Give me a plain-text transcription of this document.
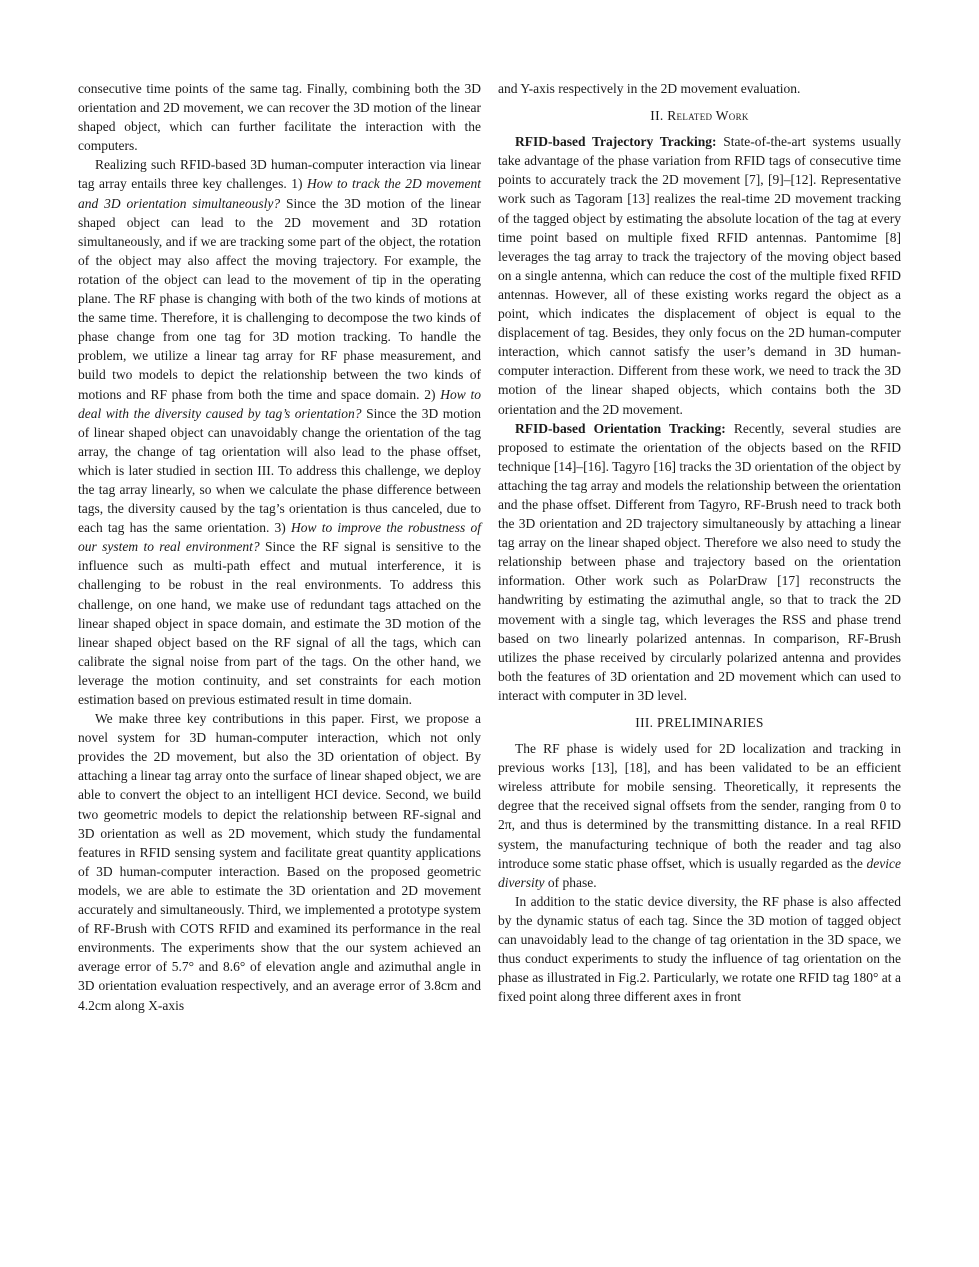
consecutive time points of the same tag. Finally, combining both the 3D orientation and 2D movement, we can recover the 3D motion of the linear shaped object, which can further facilitate the interaction with the computers.

Realizing such RFID-based 3D human-computer interaction via linear tag array entails three key challenges. 1) How to track the 2D movement and 3D orientation simultaneously? Since the 3D motion of the linear shaped object can lead to the 2D movement and 3D rotation simultaneously, and if we are tracking some part of the object, the rotation of the object may also affect the moving trajectory. For example, the rotation of the object can lead to the movement of tip in the operating plane. The RF phase is changing with both of the two kinds of motions at the same time. Therefore, it is challenging to decompose the two kinds of phase change from one tag for 3D motion tracking. To handle the problem, we utilize a linear tag array for RF phase measurement, and build two models to depict the relationship between the two kinds of motions and RF phase from both the time and space domain. 2) How to deal with the diversity caused by tag’s orientation? Since the 3D motion of linear shaped object can unavoidably change the orientation of the tag array, the change of tag orientation will also lead to the phase offset, which is later studied in section III. To address this challenge, we deploy the tag array linearly, so when we calculate the phase difference between tags, the diversity caused by the tag’s orientation is thus canceled, due to each tag has the same orientation. 3) How to improve the robustness of our system to real environment? Since the RF signal is sensitive to the influence such as multi-path effect and mutual interference, it is challenging to be robust in the real environments. To address this challenge, on one hand, we make use of redundant tags attached on the linear shaped object in space domain, and estimate the 3D motion of the linear shaped object based on the RF signal of all the tags, which can calibrate the signal noise from part of the tags. On the other hand, we leverage the motion continuity, and set constraints for each motion estimation based on previous estimated result in time domain.

We make three key contributions in this paper. First, we propose a novel system for 3D human-computer interaction, which not only provides the 2D movement, but also the 3D orientation of object. By attaching a linear tag array onto the surface of linear shaped object, we are able to convert the object to an intelligent HCI device. Second, we build two geometric models to depict the relationship between RF-signal and 3D orientation as well as 2D movement, which study the fundamental features in RFID sensing system and facilitate great quantity applications of 3D human-computer interaction. Based on the proposed geometric models, we are able to estimate the 3D orientation and 2D movement accurately and simultaneously. Third, we implemented a prototype system of RF-Brush with COTS RFID and examined its performance in the real environments. The experiments show that the our system achieved an average error of 5.7° and 8.6° of elevation angle and azimuthal angle in 3D orientation evaluation respectively, and an average error of 3.8cm and 4.2cm along X-axis

and Y-axis respectively in the 2D movement evaluation.

II. Related Work

RFID-based Trajectory Tracking: State-of-the-art systems usually take advantage of the phase variation from RFID tags of consecutive time points to accurately track the 2D movement [7], [9]–[12]. Representative work such as Tagoram [13] realizes the real-time 2D movement tracking of the tagged object by estimating the absolute location of the tag at every time point based on multiple fixed RFID antennas. Pantomime [8] leverages the tag array to track the trajectory of the moving object based on a single antenna, which can reduce the cost of the multiple fixed RFID antennas. However, all of these existing works regard the object as a point, which indicates the displacement of object is equal to the displacement of tag. Besides, they only focus on the 2D human-computer interaction, which cannot satisfy the user’s demand in 3D human-computer interaction. Different from these work, we need to track the 3D motion of the linear shaped objects, which contains both the 3D orientation and the 2D movement.

RFID-based Orientation Tracking: Recently, several studies are proposed to estimate the orientation of the objects based on the RFID technique [14]–[16]. Tagyro [16] tracks the 3D orientation of the object by attaching the tag array and models the relationship between the orientation and the phase offset. Different from Tagyro, RF-Brush need to track both the 3D orientation and 2D trajectory simultaneously by attaching a linear tag array on the linear shaped object. Therefore we also need to study the relationship between phase and trajectory based on the orientation information. Other work such as PolarDraw [17] reconstructs the handwriting by estimating the azimuthal angle, so that to track the 2D movement with a single tag, which leverages the RSS and phase trend based on two linearly polarized antennas. In comparison, RF-Brush utilizes the phase received by circularly polarized antenna and provides both the features of 3D orientation and 2D movement which can used to interact with computer in 3D level.

III. PRELIMINARIES

The RF phase is widely used for 2D localization and tracking in previous works [13], [18], and has been validated to be an efficient wireless attribute for mobile sensing. Theoretically, it represents the degree that the received signal offsets from the sender, ranging from 0 to 2π, and thus is determined by the transmitting distance. In a real RFID system, the manufacturing technique of both the reader and tag also introduce some static phase offset, which is usually regarded as the device diversity of phase.

In addition to the static device diversity, the RF phase is also affected by the dynamic status of each tag. Since the 3D motion of tagged object can unavoidably lead to the change of tag orientation in the 3D space, we thus conduct experiments to study the influence of tag orientation on the phase as illustrated in Fig.2. Particularly, we rotate one RFID tag 180° at a fixed point along three different axes in front
